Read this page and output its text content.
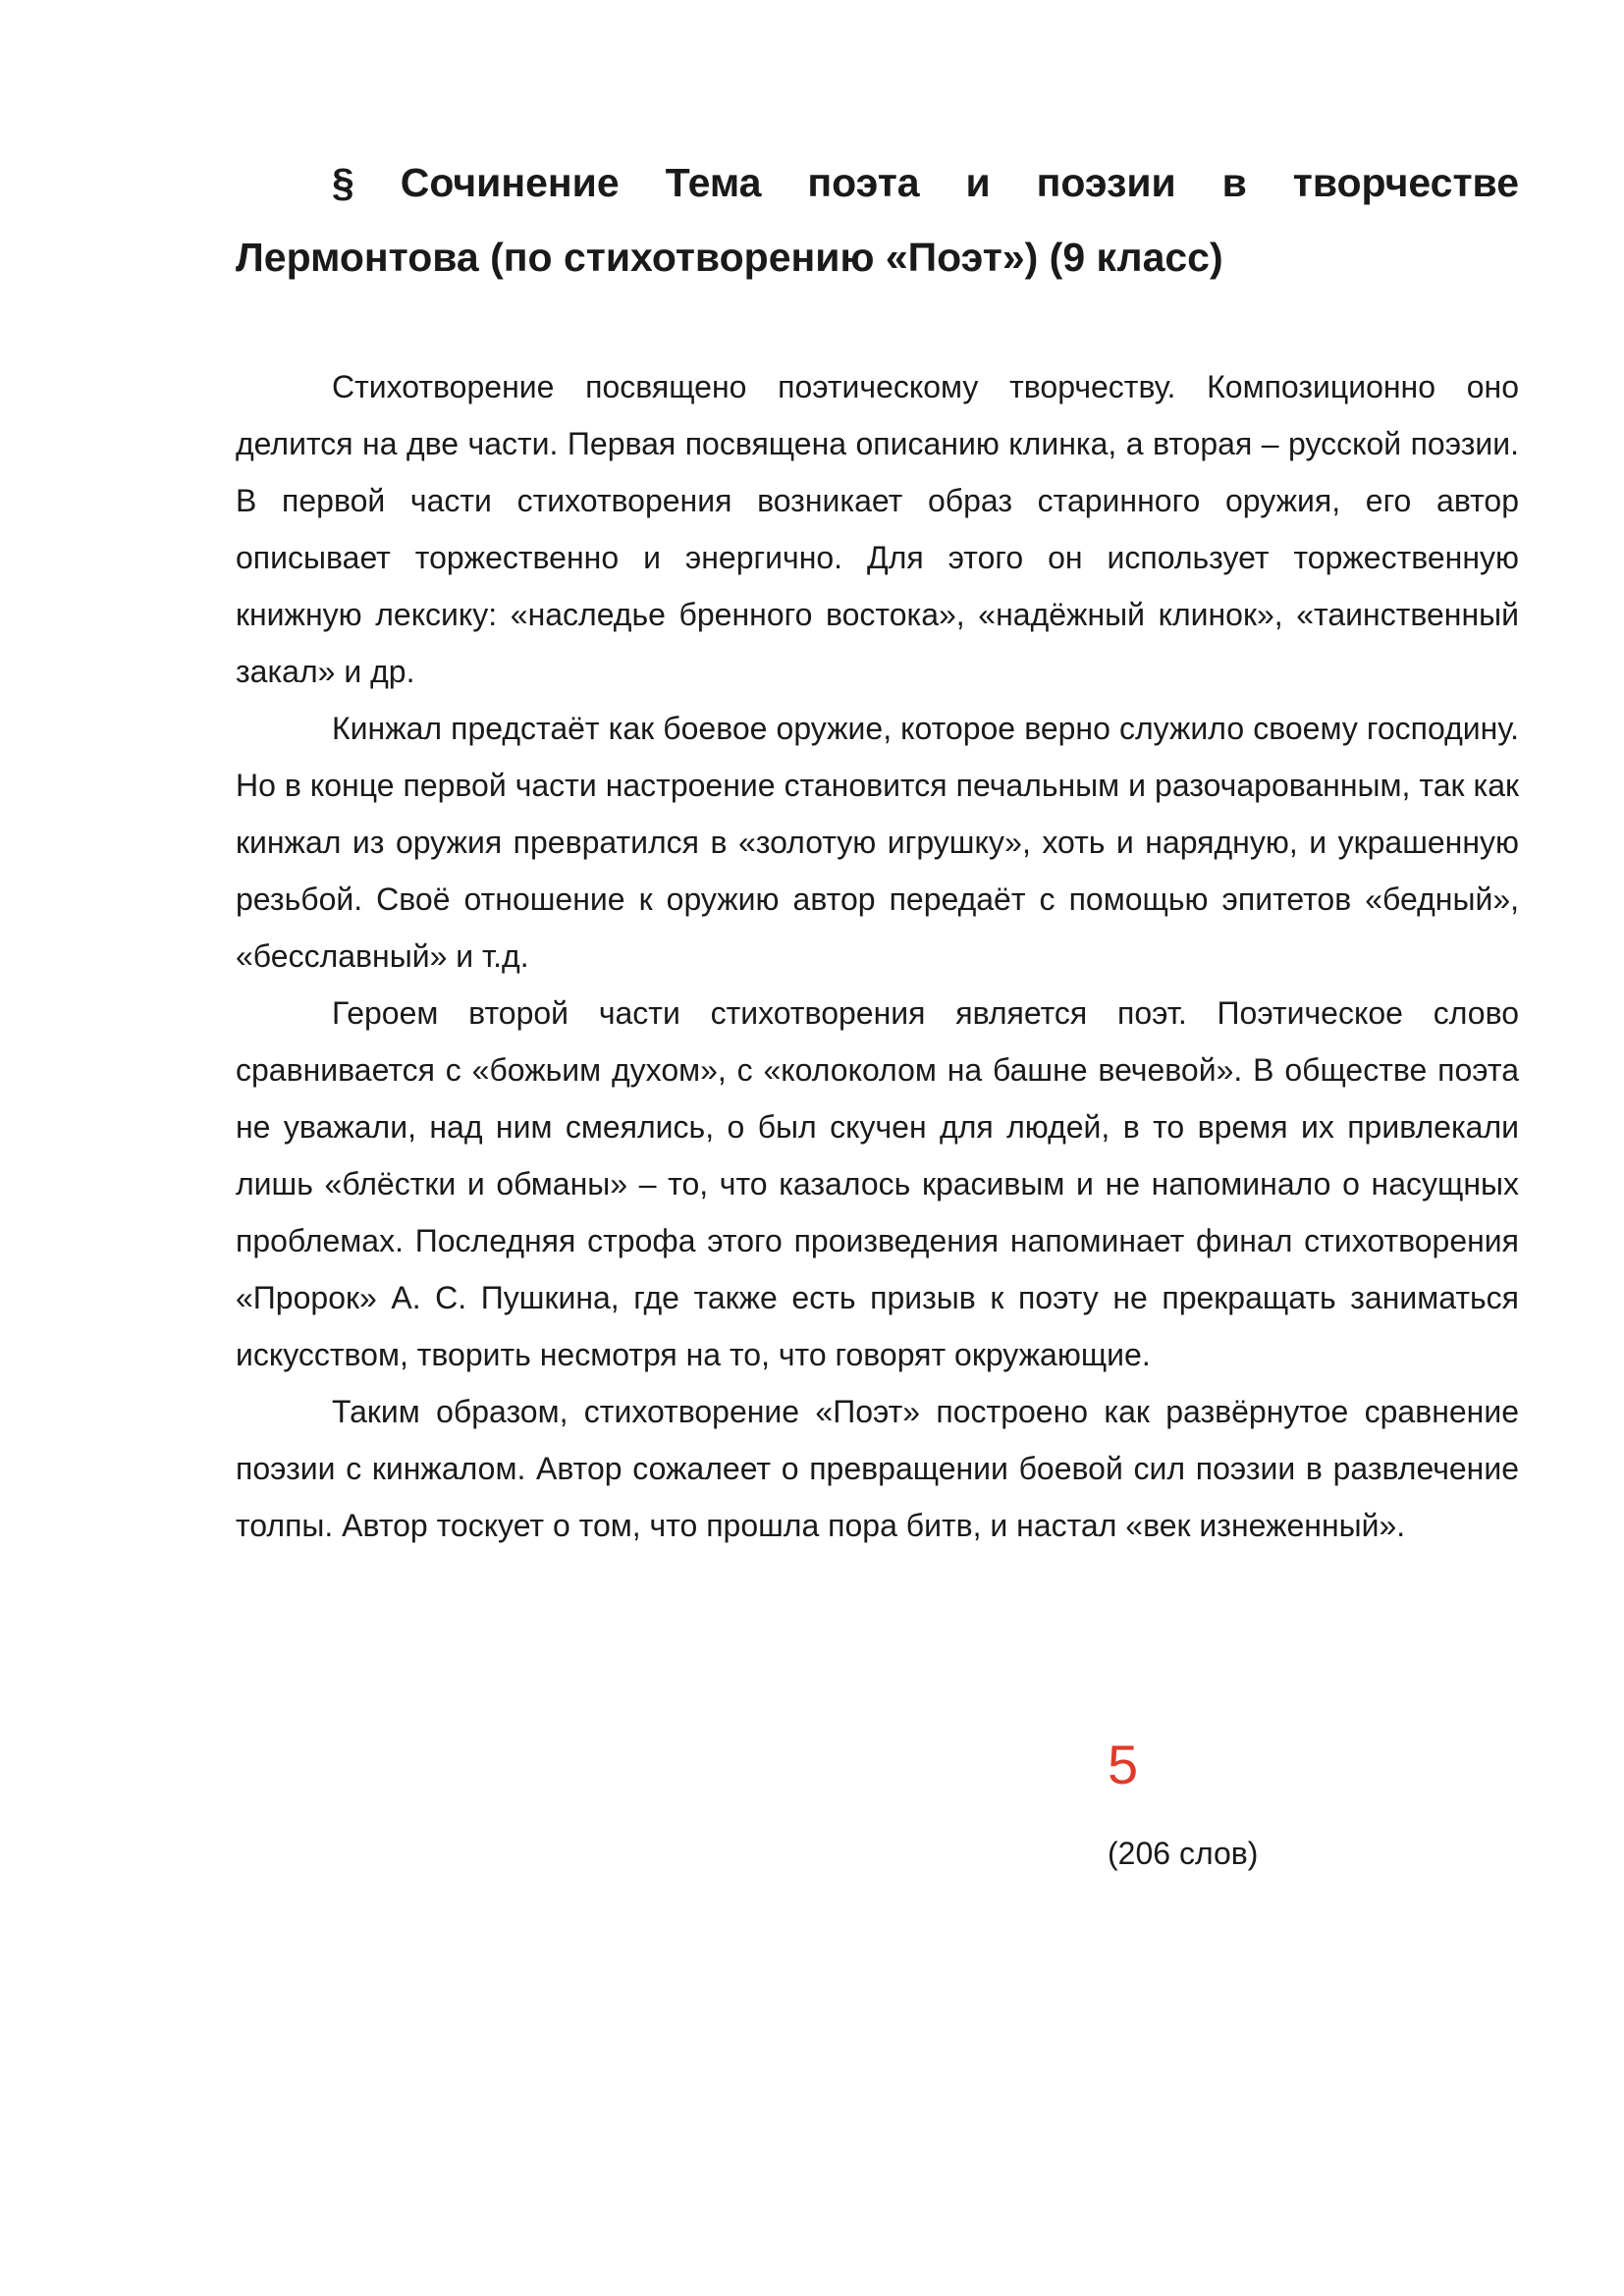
§ Сочинение Тема поэта и поэзии в творчестве Лермонтова (по стихотворению «Поэт») (9 класс)

Стихотворение посвящено поэтическому творчеству. Композиционно оно делится на две части. Первая посвящена описанию клинка, а вторая – русской поэзии. В первой части стихотворения возникает образ старинного оружия, его автор описывает торжественно и энергично. Для этого он использует торжественную книжную лексику: «наследье бренного востока», «надёжный клинок», «таинственный закал» и др.

Кинжал предстаёт как боевое оружие, которое верно служило своему господину. Но в конце первой части настроение становится печальным и разочарованным, так как кинжал из оружия превратился в «золотую игрушку», хоть и нарядную, и украшенную резьбой. Своё отношение к оружию автор передаёт с помощью эпитетов «бедный», «бесславный» и т.д.

Героем второй части стихотворения является поэт. Поэтическое слово сравнивается с «божьим духом», с «колоколом на башне вечевой». В обществе поэта не уважали, над ним смеялись, о был скучен для людей, в то время их привлекали лишь «блёстки и обманы» – то, что казалось красивым и не напоминало о насущных проблемах. Последняя строфа этого произведения напоминает финал стихотворения «Пророк» А. С. Пушкина, где также есть призыв к поэту не прекращать заниматься искусством, творить несмотря на то, что говорят окружающие.

Таким образом, стихотворение «Поэт» построено как развёрнутое сравнение поэзии с кинжалом. Автор сожалеет о превращении боевой сил поэзии в развлечение толпы. Автор тоскует о том, что прошла пора битв, и настал «век изнеженный».

5
(206 слов)
